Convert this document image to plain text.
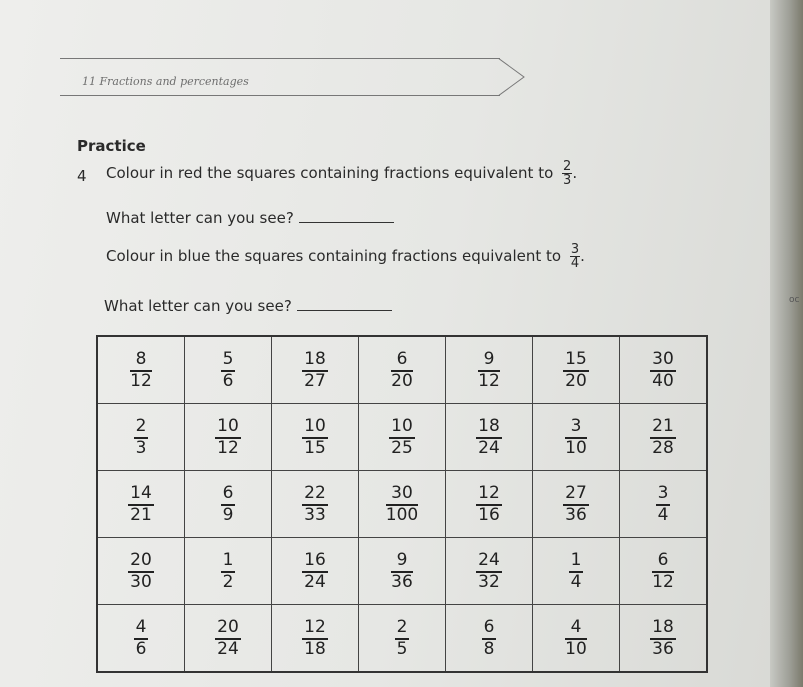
oc
11 Fractions and percentages
Practice
4 Colour in red the squares containing fractions equivalent to $\frac{2}{3}$ .
What letter can you see?
Colour in blue the squares containing fractions equivalent to $\frac{3}{4}$ .
What letter can you see?
$\frac{8}{12}$	$\frac{5}{6}$	$\frac{18}{27}$	$\frac{6}{20}$	$\frac{9}{12}$	$\frac{15}{20}$	$\frac{30}{40}$

$\frac{2}{3}$	$\frac{10}{12}$	$\frac{10}{15}$	$\frac{10}{25}$	$\frac{18}{24}$	$\frac{3}{10}$	$\frac{21}{28}$

$\frac{14}{21}$	$\frac{6}{9}$	$\frac{22}{33}$	$\frac{30}{100}$	$\frac{12}{16}$	$\frac{27}{36}$	$\frac{3}{4}$

$\frac{20}{30}$	$\frac{1}{2}$	$\frac{16}{24}$	$\frac{9}{36}$	$\frac{24}{32}$	$\frac{1}{4}$	$\frac{6}{12}$

$\frac{4}{6}$	$\frac{20}{24}$	$\frac{12}{18}$	$\frac{2}{5}$	$\frac{6}{8}$	$\frac{4}{10}$	$\frac{18}{36}$
